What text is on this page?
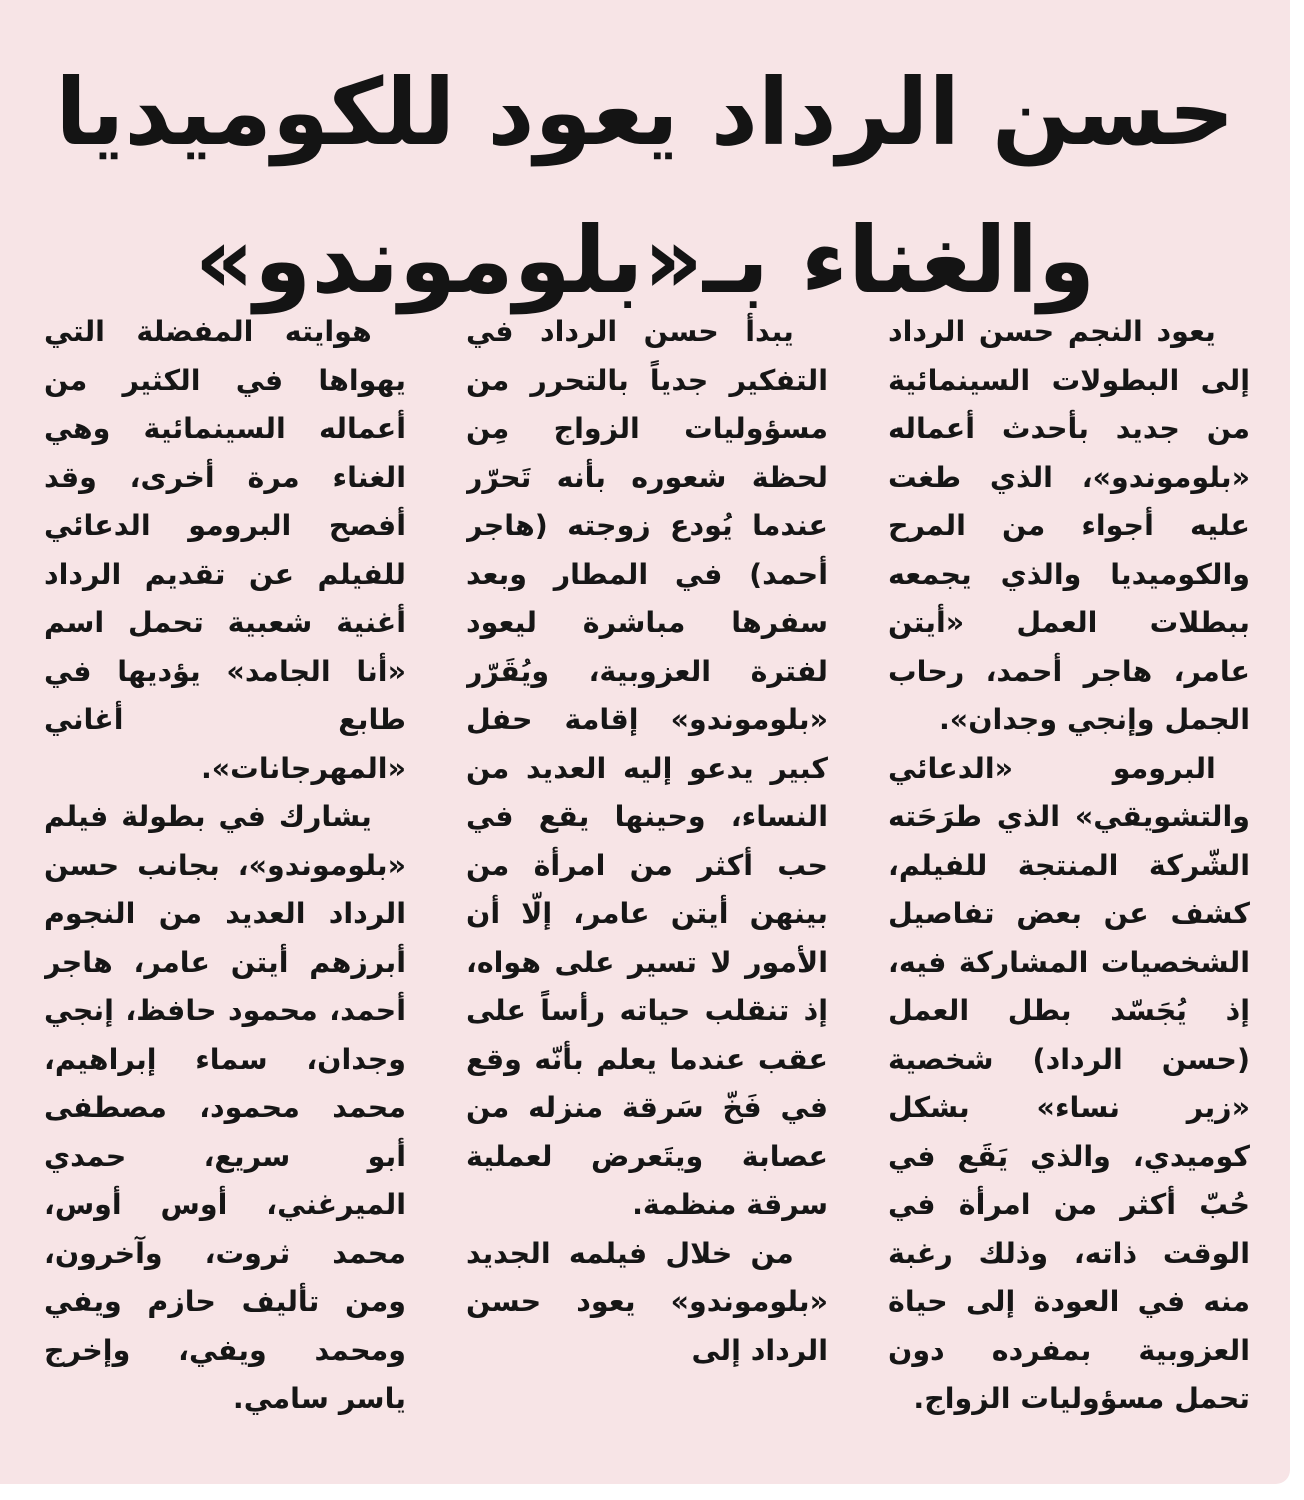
حسن الرداد يعود للكوميديا
والغناء بـ«بلوموندو»

يعود النجم حسن الرداد إلى البطولات السينمائية من جديد بأحدث أعماله «بلوموندو»، الذي طغت عليه أجواء من المرح والكوميديا والذي يجمعه ببطلات العمل «أيتن عامر، هاجر أحمد، رحاب الجمل وإنجي وجدان».

البرومو «الدعائي والتشويقي» الذي طرَحَته الشّركة المنتجة للفيلم، كشف عن بعض تفاصيل الشخصيات المشاركة فيه، إذ يُجَسّد بطل العمل (حسن الرداد) شخصية «زير نساء» بشكل كوميدي، والذي يَقَع في حُبّ أكثر من امرأة في الوقت ذاته، وذلك رغبة منه في العودة إلى حياة العزوبية بمفرده دون تحمل مسؤوليات الزواج.

يبدأ حسن الرداد في التفكير جدياً بالتحرر من مسؤوليات الزواج مِن لحظة شعوره بأنه تَحرّر عندما يُودع زوجته (هاجر أحمد) في المطار وبعد سفرها مباشرة ليعود لفترة العزوبية، ويُقَرّر «بلوموندو» إقامة حفل كبير يدعو إليه العديد من النساء، وحينها يقع في حب أكثر من امرأة من بينهن أيتن عامر، إلّا أن الأمور لا تسير على هواه، إذ تنقلب حياته رأساً على عقب عندما يعلم بأنّه وقع في فَخّ سَرقة منزله من عصابة ويتَعرض لعملية سرقة منظمة.

من خلال فيلمه الجديد «بلوموندو» يعود حسن الرداد إلى

هوايته المفضلة التي يهواها في الكثير من أعماله السينمائية وهي الغناء مرة أخرى، وقد أفصح البرومو الدعائي للفيلم عن تقديم الرداد أغنية شعبية تحمل اسم «أنا الجامد» يؤديها في طابع أغاني «المهرجانات».

يشارك في بطولة فيلم «بلوموندو»، بجانب حسن الرداد العديد من النجوم أبرزهم أيتن عامر، هاجر أحمد، محمود حافظ، إنجي وجدان، سماء إبراهيم، محمد محمود، مصطفى أبو سريع، حمدي الميرغني، أوس أوس، محمد ثروت، وآخرون، ومن تأليف حازم ويفي ومحمد ويفي، وإخرج ياسر سامي.
